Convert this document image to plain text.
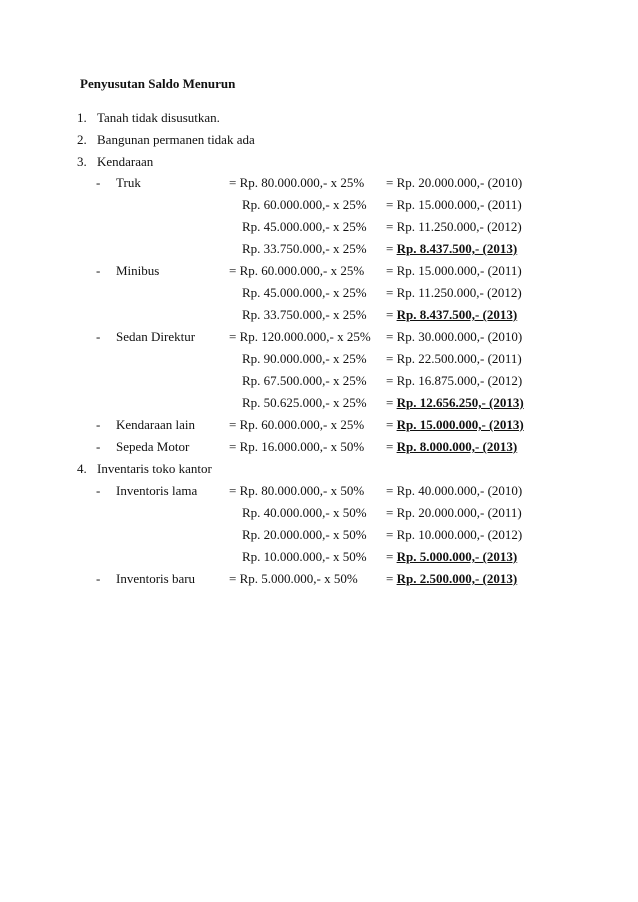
Penyusutan Saldo Menurun
1. Tanah tidak disusutkan.
2. Bangunan permanen tidak ada
3. Kendaraan
- Truk	= Rp. 80.000.000,- x 25% = Rp. 20.000.000,- (2010)
Rp. 60.000.000,- x 25% = Rp. 15.000.000,- (2011)
Rp. 45.000.000,- x 25% = Rp. 11.250.000,- (2012)
Rp. 33.750.000,- x 25% = Rp. 8.437.500,- (2013)
- Minibus	= Rp. 60.000.000,- x 25% = Rp. 15.000.000,- (2011)
Rp. 45.000.000,- x 25% = Rp. 11.250.000,- (2012)
Rp. 33.750.000,- x 25% = Rp. 8.437.500,- (2013)
- Sedan Direktur	= Rp. 120.000.000,- x 25% = Rp. 30.000.000,- (2010)
Rp. 90.000.000,- x 25% = Rp. 22.500.000,- (2011)
Rp. 67.500.000,- x 25% = Rp. 16.875.000,- (2012)
Rp. 50.625.000,- x 25% = Rp. 12.656.250,- (2013)
- Kendaraan lain	= Rp. 60.000.000,- x 25% = Rp. 15.000.000,- (2013)
- Sepeda Motor	= Rp. 16.000.000,- x 50% = Rp. 8.000.000,- (2013)
4. Inventaris toko kantor
- Inventoris lama = Rp. 80.000.000,- x 50% = Rp. 40.000.000,- (2010)
Rp. 40.000.000,- x 50% = Rp. 20.000.000,- (2011)
Rp. 20.000.000,- x 50% = Rp. 10.000.000,- (2012)
Rp. 10.000.000,- x 50% = Rp. 5.000.000,- (2013)
- Inventoris baru	= Rp. 5.000.000,- x 50% = Rp. 2.500.000,- (2013)
